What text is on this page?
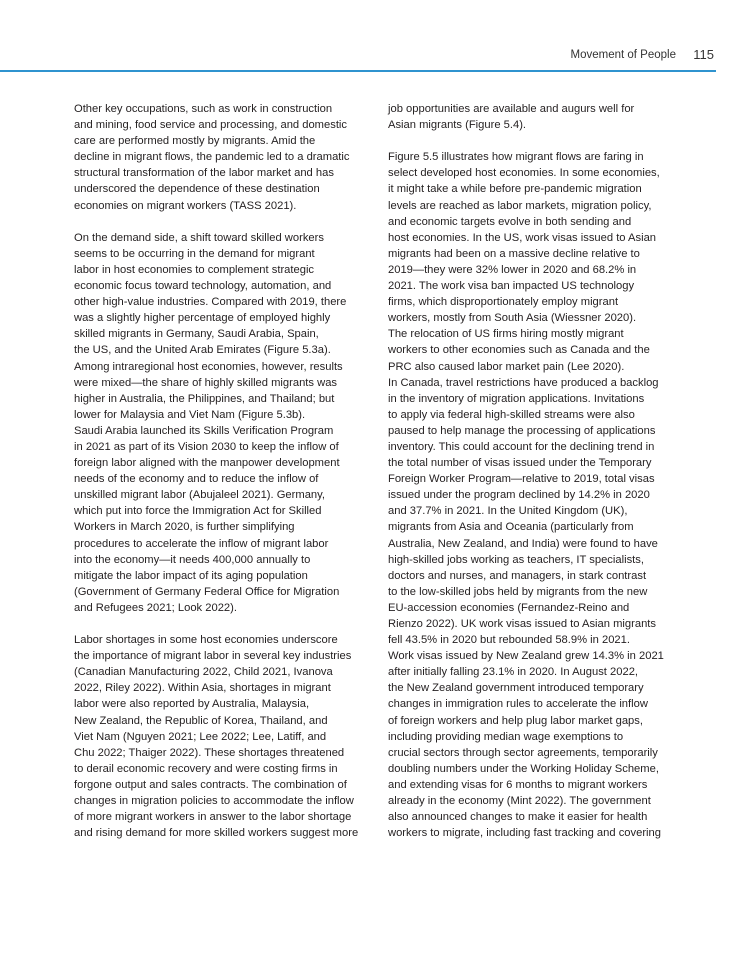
Movement of People 115
Other key occupations, such as work in construction
and mining, food service and processing, and domestic
care are performed mostly by migrants. Amid the
decline in migrant flows, the pandemic led to a dramatic
structural transformation of the labor market and has
underscored the dependence of these destination
economies on migrant workers (TASS 2021).
On the demand side, a shift toward skilled workers
seems to be occurring in the demand for migrant
labor in host economies to complement strategic
economic focus toward technology, automation, and
other high-value industries. Compared with 2019, there
was a slightly higher percentage of employed highly
skilled migrants in Germany, Saudi Arabia, Spain,
the US, and the United Arab Emirates (Figure 5.3a).
Among intraregional host economies, however, results
were mixed—the share of highly skilled migrants was
higher in Australia, the Philippines, and Thailand; but
lower for Malaysia and Viet Nam (Figure 5.3b).
Saudi Arabia launched its Skills Verification Program
in 2021 as part of its Vision 2030 to keep the inflow of
foreign labor aligned with the manpower development
needs of the economy and to reduce the inflow of
unskilled migrant labor (Abujaleel 2021). Germany,
which put into force the Immigration Act for Skilled
Workers in March 2020, is further simplifying
procedures to accelerate the inflow of migrant labor
into the economy—it needs 400,000 annually to
mitigate the labor impact of its aging population
(Government of Germany Federal Office for Migration
and Refugees 2021; Look 2022).
Labor shortages in some host economies underscore
the importance of migrant labor in several key industries
(Canadian Manufacturing 2022, Child 2021, Ivanova
2022, Riley 2022). Within Asia, shortages in migrant
labor were also reported by Australia, Malaysia,
New Zealand, the Republic of Korea, Thailand, and
Viet Nam (Nguyen 2021; Lee 2022; Lee, Latiff, and
Chu 2022; Thaiger 2022). These shortages threatened
to derail economic recovery and were costing firms in
forgone output and sales contracts. The combination of
changes in migration policies to accommodate the inflow
of more migrant workers in answer to the labor shortage
and rising demand for more skilled workers suggest more
job opportunities are available and augurs well for
Asian migrants (Figure 5.4).
Figure 5.5 illustrates how migrant flows are faring in
select developed host economies. In some economies,
it might take a while before pre-pandemic migration
levels are reached as labor markets, migration policy,
and economic targets evolve in both sending and
host economies. In the US, work visas issued to Asian
migrants had been on a massive decline relative to
2019—they were 32% lower in 2020 and 68.2% in
2021. The work visa ban impacted US technology
firms, which disproportionately employ migrant
workers, mostly from South Asia (Wiessner 2020).
The relocation of US firms hiring mostly migrant
workers to other economies such as Canada and the
PRC also caused labor market pain (Lee 2020).
In Canada, travel restrictions have produced a backlog
in the inventory of migration applications. Invitations
to apply via federal high-skilled streams were also
paused to help manage the processing of applications
inventory. This could account for the declining trend in
the total number of visas issued under the Temporary
Foreign Worker Program—relative to 2019, total visas
issued under the program declined by 14.2% in 2020
and 37.7% in 2021. In the United Kingdom (UK),
migrants from Asia and Oceania (particularly from
Australia, New Zealand, and India) were found to have
high-skilled jobs working as teachers, IT specialists,
doctors and nurses, and managers, in stark contrast
to the low-skilled jobs held by migrants from the new
EU-accession economies (Fernandez-Reino and
Rienzo 2022). UK work visas issued to Asian migrants
fell 43.5% in 2020 but rebounded 58.9% in 2021.
Work visas issued by New Zealand grew 14.3% in 2021
after initially falling 23.1% in 2020. In August 2022,
the New Zealand government introduced temporary
changes in immigration rules to accelerate the inflow
of foreign workers and help plug labor market gaps,
including providing median wage exemptions to
crucial sectors through sector agreements, temporarily
doubling numbers under the Working Holiday Scheme,
and extending visas for 6 months to migrant workers
already in the economy (Mint 2022). The government
also announced changes to make it easier for health
workers to migrate, including fast tracking and covering
